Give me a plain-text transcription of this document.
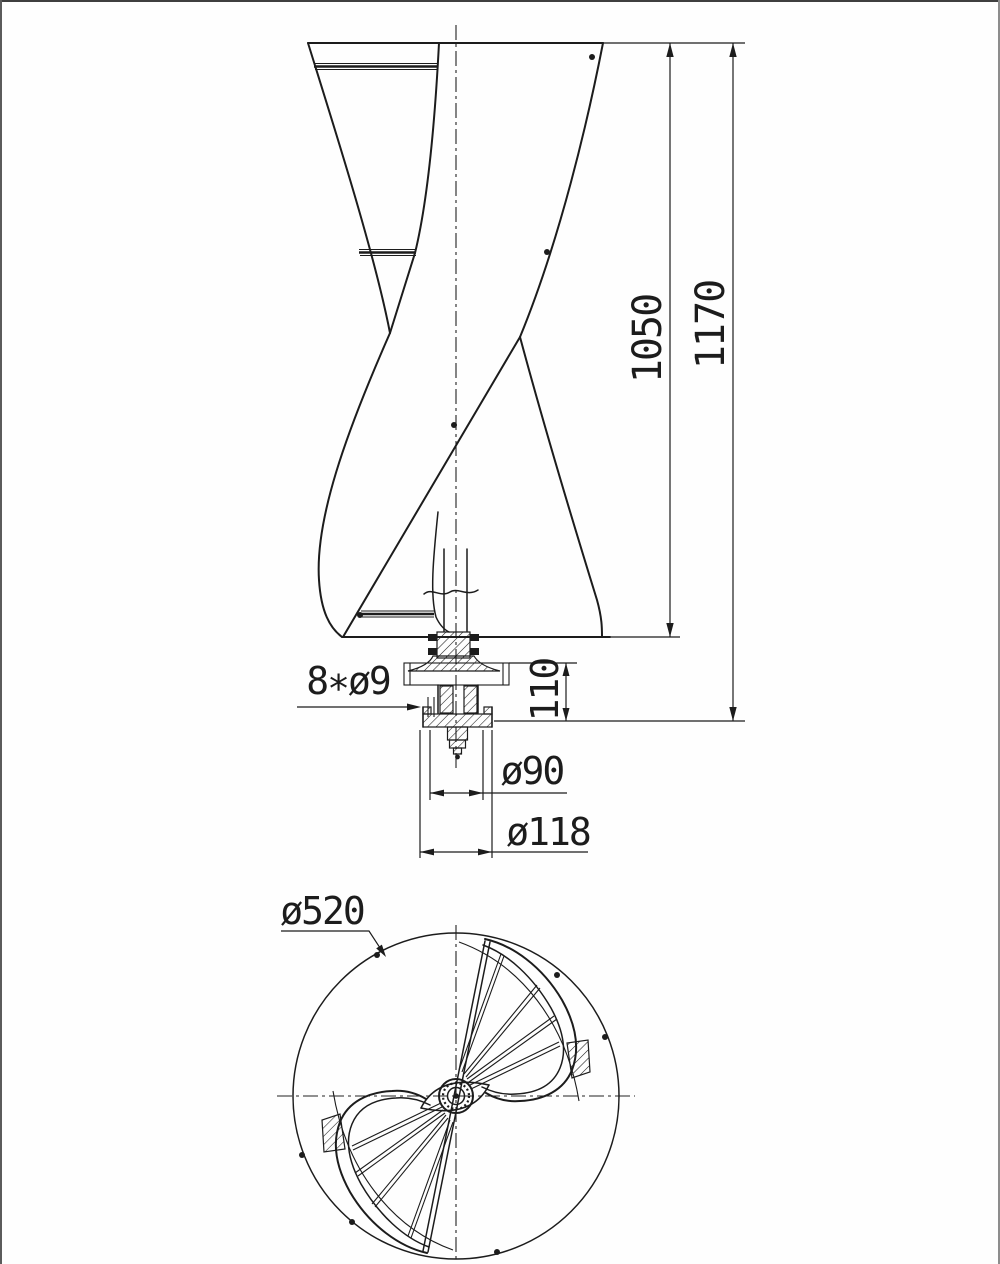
1050 1170
110
8∗ø9
ø90
ø118
ø520
